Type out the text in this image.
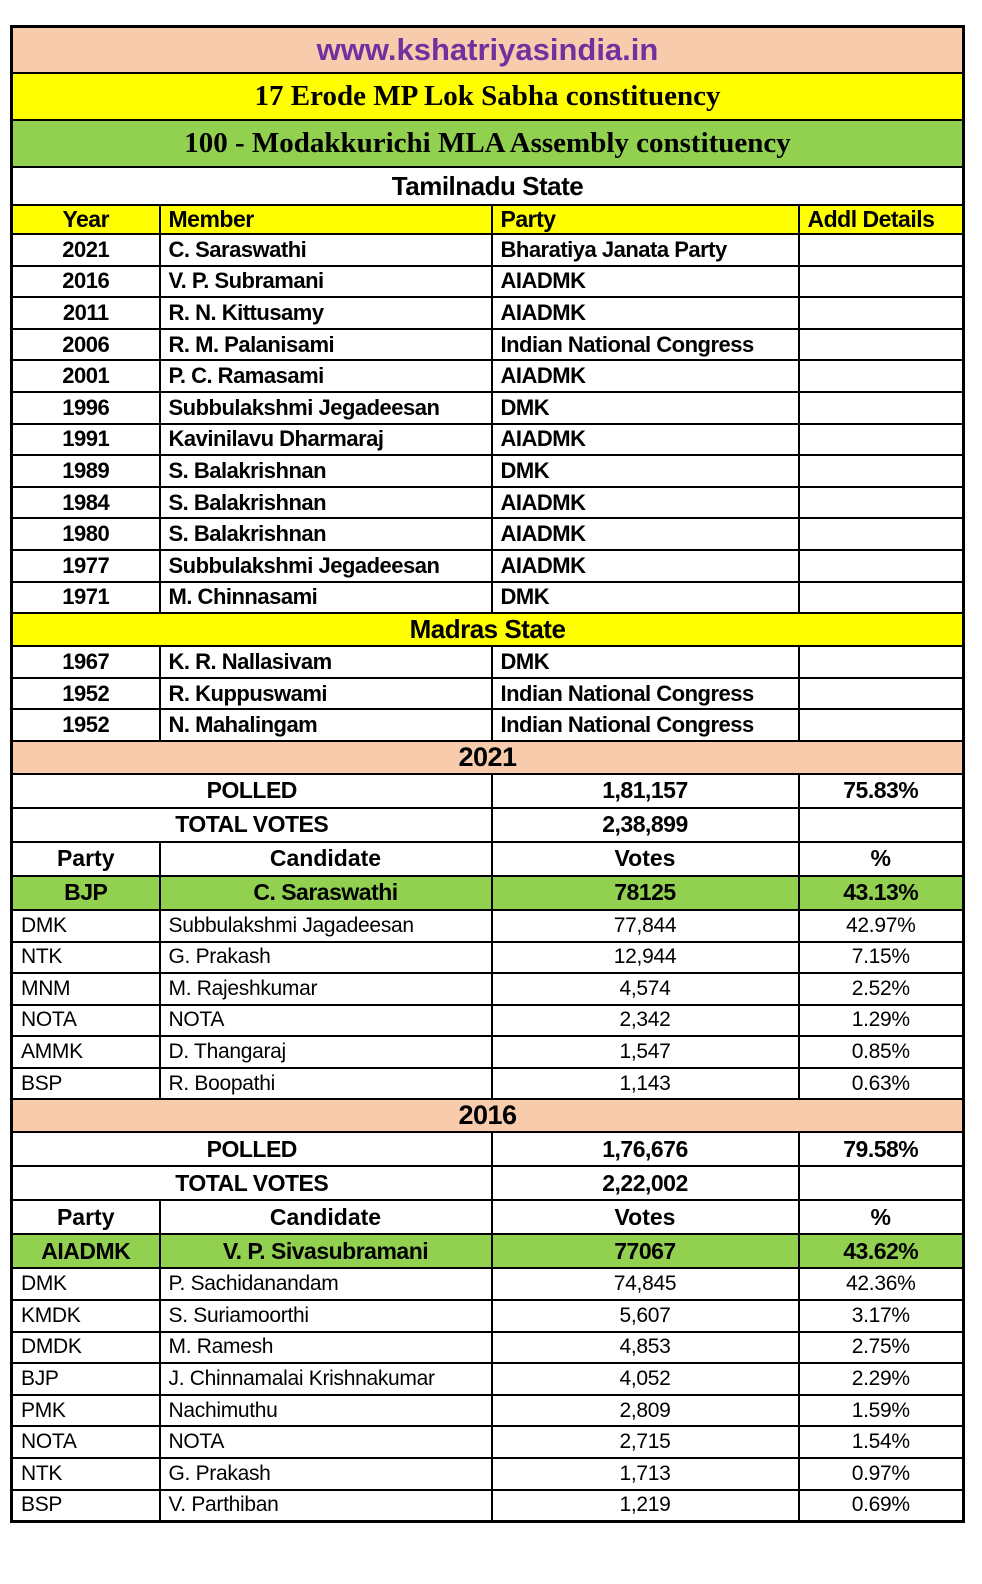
www.kshatriyasindia.in			
17 Erode MP Lok Sabha constituency			
100 - Modakkurichi MLA Assembly constituency			
Tamilnadu State			
Year	Member	Party	Addl Details
2021	C. Saraswathi	Bharatiya Janata Party	
2016	V. P. Subramani	AIADMK	
2011	R. N. Kittusamy	AIADMK	
2006	R. M. Palanisami	Indian National Congress	
2001	P. C. Ramasami	AIADMK	
1996	Subbulakshmi Jegadeesan	DMK	
1991	Kavinilavu Dharmaraj	AIADMK	
1989	S. Balakrishnan	DMK	
1984	S. Balakrishnan	AIADMK	
1980	S. Balakrishnan	AIADMK	
1977	Subbulakshmi Jegadeesan	AIADMK	
1971	M. Chinnasami	DMK	
Madras State			
1967	K. R. Nallasivam	DMK	
1952	R. Kuppuswami	Indian National Congress	
1952	N. Mahalingam	Indian National Congress	
2021			
POLLED		1,81,157	75.83%
TOTAL VOTES		2,38,899	
Party	Candidate	Votes	%
BJP	C. Saraswathi	78125	43.13%
DMK	Subbulakshmi Jagadeesan	77,844	42.97%
NTK	G. Prakash	12,944	7.15%
MNM	M. Rajeshkumar	4,574	2.52%
NOTA	NOTA	2,342	1.29%
AMMK	D. Thangaraj	1,547	0.85%
BSP	R. Boopathi	1,143	0.63%
2016			
POLLED		1,76,676	79.58%
TOTAL VOTES		2,22,002	
Party	Candidate	Votes	%
AIADMK	V. P. Sivasubramani	77067	43.62%
DMK	P. Sachidanandam	74,845	42.36%
KMDK	S. Suriamoorthi	5,607	3.17%
DMDK	M. Ramesh	4,853	2.75%
BJP	J. Chinnamalai Krishnakumar	4,052	2.29%
PMK	Nachimuthu	2,809	1.59%
NOTA	NOTA	2,715	1.54%
NTK	G. Prakash	1,713	0.97%
BSP	V. Parthiban	1,219	0.69%
